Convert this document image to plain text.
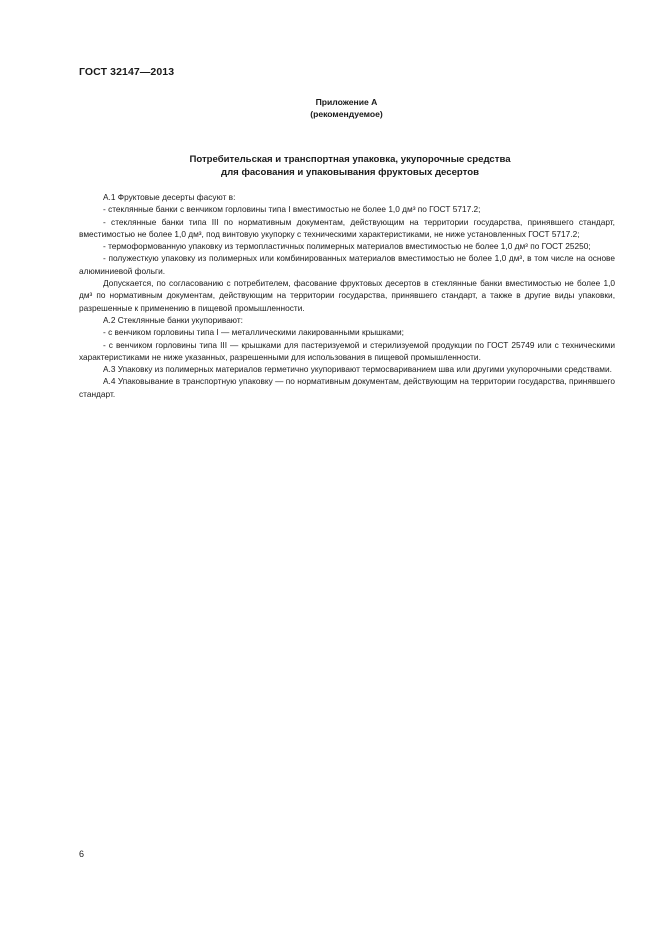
ГОСТ 32147—2013
Приложение А
(рекомендуемое)
Потребительская и транспортная упаковка, укупорочные средства
для фасования и упаковывания фруктовых десертов

А.1 Фруктовые десерты фасуют в:

- стеклянные банки с венчиком горловины типа I вместимостью не более 1,0 дм³ по ГОСТ 5717.2;

- стеклянные банки типа III по нормативным документам, действующим на территории государства, принявшего стандарт, вместимостью не более 1,0 дм³, под винтовую укупорку с техническими характеристиками, не ниже установленных ГОСТ 5717.2;

- термоформованную упаковку из термопластичных полимерных материалов вместимостью не более 1,0 дм³ по ГОСТ 25250;

- полужесткую упаковку из полимерных или комбинированных материалов вместимостью не более 1,0 дм³, в том числе на основе алюминиевой фольги.

Допускается, по согласованию с потребителем, фасование фруктовых десертов в стеклянные банки вместимостью не более 1,0 дм³ по нормативным документам, действующим на территории государства, принявшего стандарт, а также в другие виды упаковки, разрешенные к применению в пищевой промышленности.

А.2 Стеклянные банки укупоривают:

- с венчиком горловины типа I — металлическими лакированными крышками;

- с венчиком горловины типа III — крышками для пастеризуемой и стерилизуемой продукции по ГОСТ 25749 или с техническими характеристиками не ниже указанных, разрешенными для использования в пищевой промышленности.

А.3 Упаковку из полимерных материалов герметично укупоривают термосвариванием шва или другими укупорочными средствами.

А.4 Упаковывание в транспортную упаковку — по нормативным документам, действующим на территории государства, принявшего стандарт.

6
